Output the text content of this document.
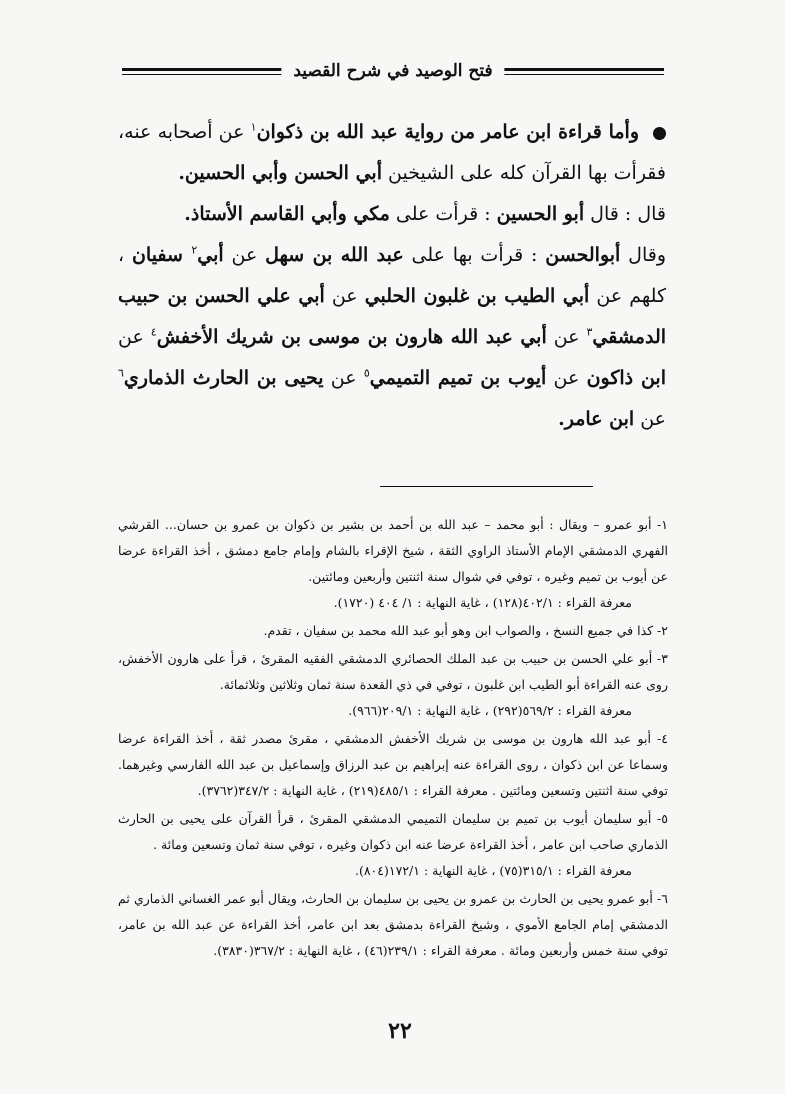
فتح الوصيد في شرح القصيد

وأما قراءة ابن عامر من رواية عبد الله بن ذكوان$^١$ عن أصحابه عنه، فقرأت بها القرآن كله على الشيخين أبي الحسن وأبي الحسين.

قال : قال أبو الحسين : قرأت على مكي وأبي القاسم الأستاذ.

وقال أبوالحسن : قرأت بها على عبد الله بن سهل عن أبي$^٢$ سفيان ، كلهم عن أبي الطيب بن غلبون الحلبي عن أبي علي الحسن بن حبيب الدمشقي$^٣$ عن أبي عبد الله هارون بن موسى بن شريك الأخفش$^٤$ عن ابن ذاكون عن أيوب بن تميم التميمي$^٥$ عن يحيى بن الحارث الذماري$^٦$ عن ابن عامر.

١- أبو عمرو – ويقال : أبو محمد – عبد الله بن أحمد بن بشير بن ذكوان بن عمرو بن حسان... القرشي الفهري الدمشقي الإمام الأستاذ الراوي الثقة ، شيخ الإقراء بالشام وإمام جامع دمشق ، أخذ القراءة عرضا عن أيوب بن تميم وغيره ، توفي في شوال سنة اثنتين وأربعين ومائتين.
معرفة القراء : ٤٠٢/١(١٢٨) ، غاية النهاية : ١/ ٤٠٤ (١٧٢٠).

٢- كذا في جميع النسخ ، والصواب ابن وهو أبو عبد الله محمد بن سفيان ، تقدم.

٣- أبو علي الحسن بن حبيب بن عبد الملك الحصائري الدمشقي الفقيه المقرئ ، قرأ على هارون الأخفش، روى عنه القراءة أبو الطيب ابن غلبون ، توفي في ذي القعدة سنة ثمان وثلاثين وثلاثمائة.
معرفة القراء : ٥٦٩/٢(٢٩٢) ، غاية النهاية : ٢٠٩/١(٩٦٦).

٤- أبو عبد الله هارون بن موسى بن شريك الأخفش الدمشقي ، مقرئ مصدر ثقة ، أخذ القراءة عرضا وسماعا عن ابن ذكوان ، روى القراءة عنه إبراهيم بن عبد الرزاق وإسماعيل بن عبد الله الفارسي وغيرهما. توفي سنة اثنتين وتسعين ومائتين . معرفة القراء : ٤٨٥/١(٢١٩) ، غاية النهاية : ٣٤٧/٢(٣٧٦٢).

٥- أبو سليمان أيوب بن تميم بن سليمان التميمي الدمشقي المقرئ ، قرأ القرآن على يحيى بن الحارث الذماري صاحب ابن عامر ، أخذ القراءة عرضا عنه ابن ذكوان وغيره ، توفي سنة ثمان وتسعين ومائة .
معرفة القراء : ٣١٥/١(٧٥) ، غاية النهاية : ١٧٢/١(٨٠٤).

٦- أبو عمرو يحيى بن الحارث بن عمرو بن يحيى بن سليمان بن الحارث، ويقال أبو عمر الغساني الذماري ثم الدمشقي إمام الجامع الأموي ، وشيخ القراءة بدمشق بعد ابن عامر، أخذ القراءة عن عبد الله بن عامر، توفي سنة خمس وأربعين ومائة . معرفة القراء : ٢٣٩/١(٤٦) ، غاية النهاية : ٣٦٧/٢(٣٨٣٠).

٢٢
